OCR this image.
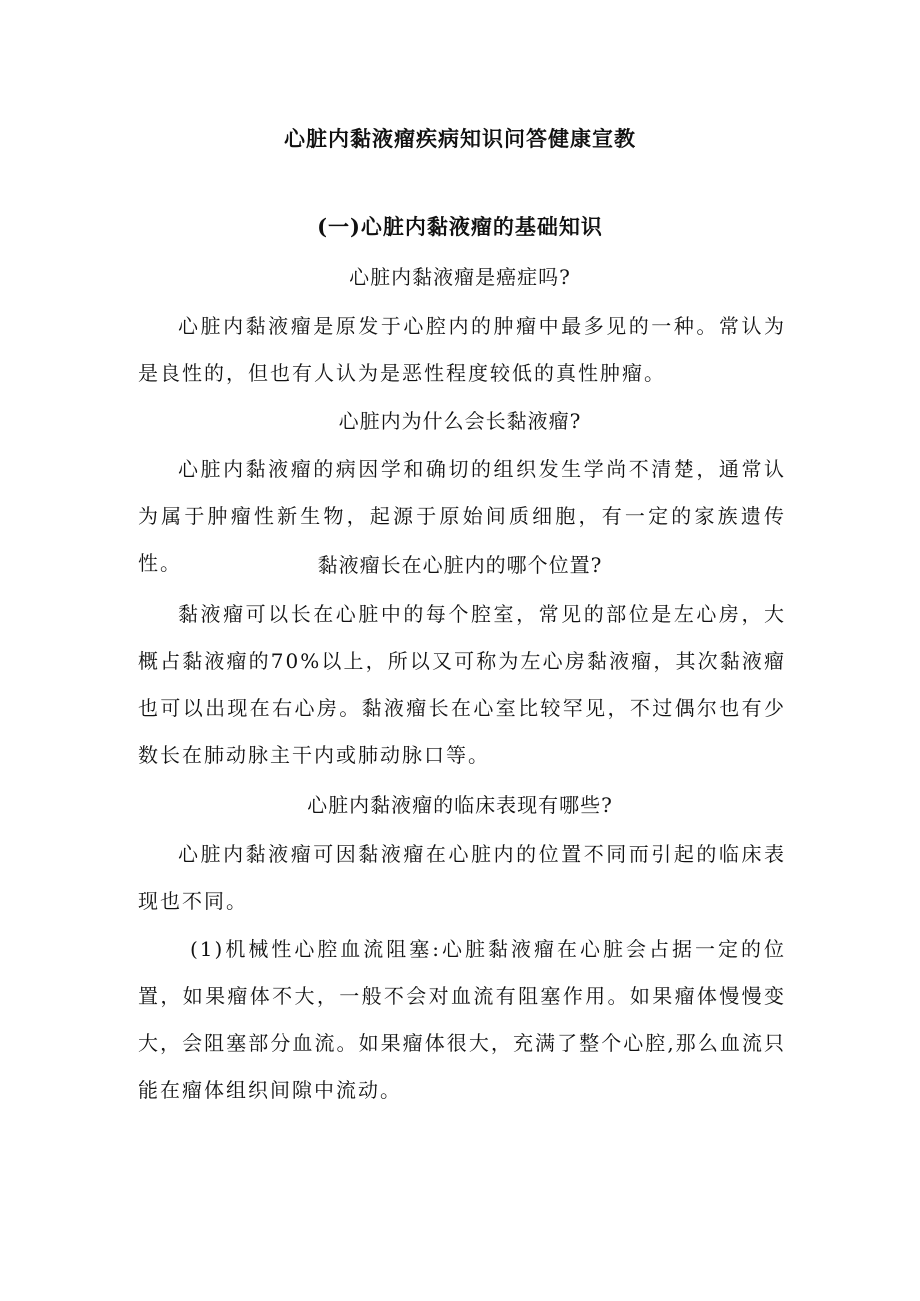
心脏内黏液瘤疾病知识问答健康宣教
(一)心脏内黏液瘤的基础知识
心脏内黏液瘤是癌症吗?
心脏内黏液瘤是原发于心腔内的肿瘤中最多见的一种。常认为是良性的，但也有人认为是恶性程度较低的真性肿瘤。
心脏内为什么会长黏液瘤?
心脏内黏液瘤的病因学和确切的组织发生学尚不清楚，通常认为属于肿瘤性新生物，起源于原始间质细胞，有一定的家族遗传性。	黏液瘤长在心脏内的哪个位置?
黏液瘤可以长在心脏中的每个腔室，常见的部位是左心房，大概占黏液瘤的70%以上，所以又可称为左心房黏液瘤，其次黏液瘤也可以出现在右心房。黏液瘤长在心室比较罕见，不过偶尔也有少数长在肺动脉主干内或肺动脉口等。
心脏内黏液瘤的临床表现有哪些?
心脏内黏液瘤可因黏液瘤在心脏内的位置不同而引起的临床表现也不同。
(1)机械性心腔血流阻塞:心脏黏液瘤在心脏会占据一定的位置，如果瘤体不大，一般不会对血流有阻塞作用。如果瘤体慢慢变大，会阻塞部分血流。如果瘤体很大，充满了整个心腔,那么血流只能在瘤体组织间隙中流动。
